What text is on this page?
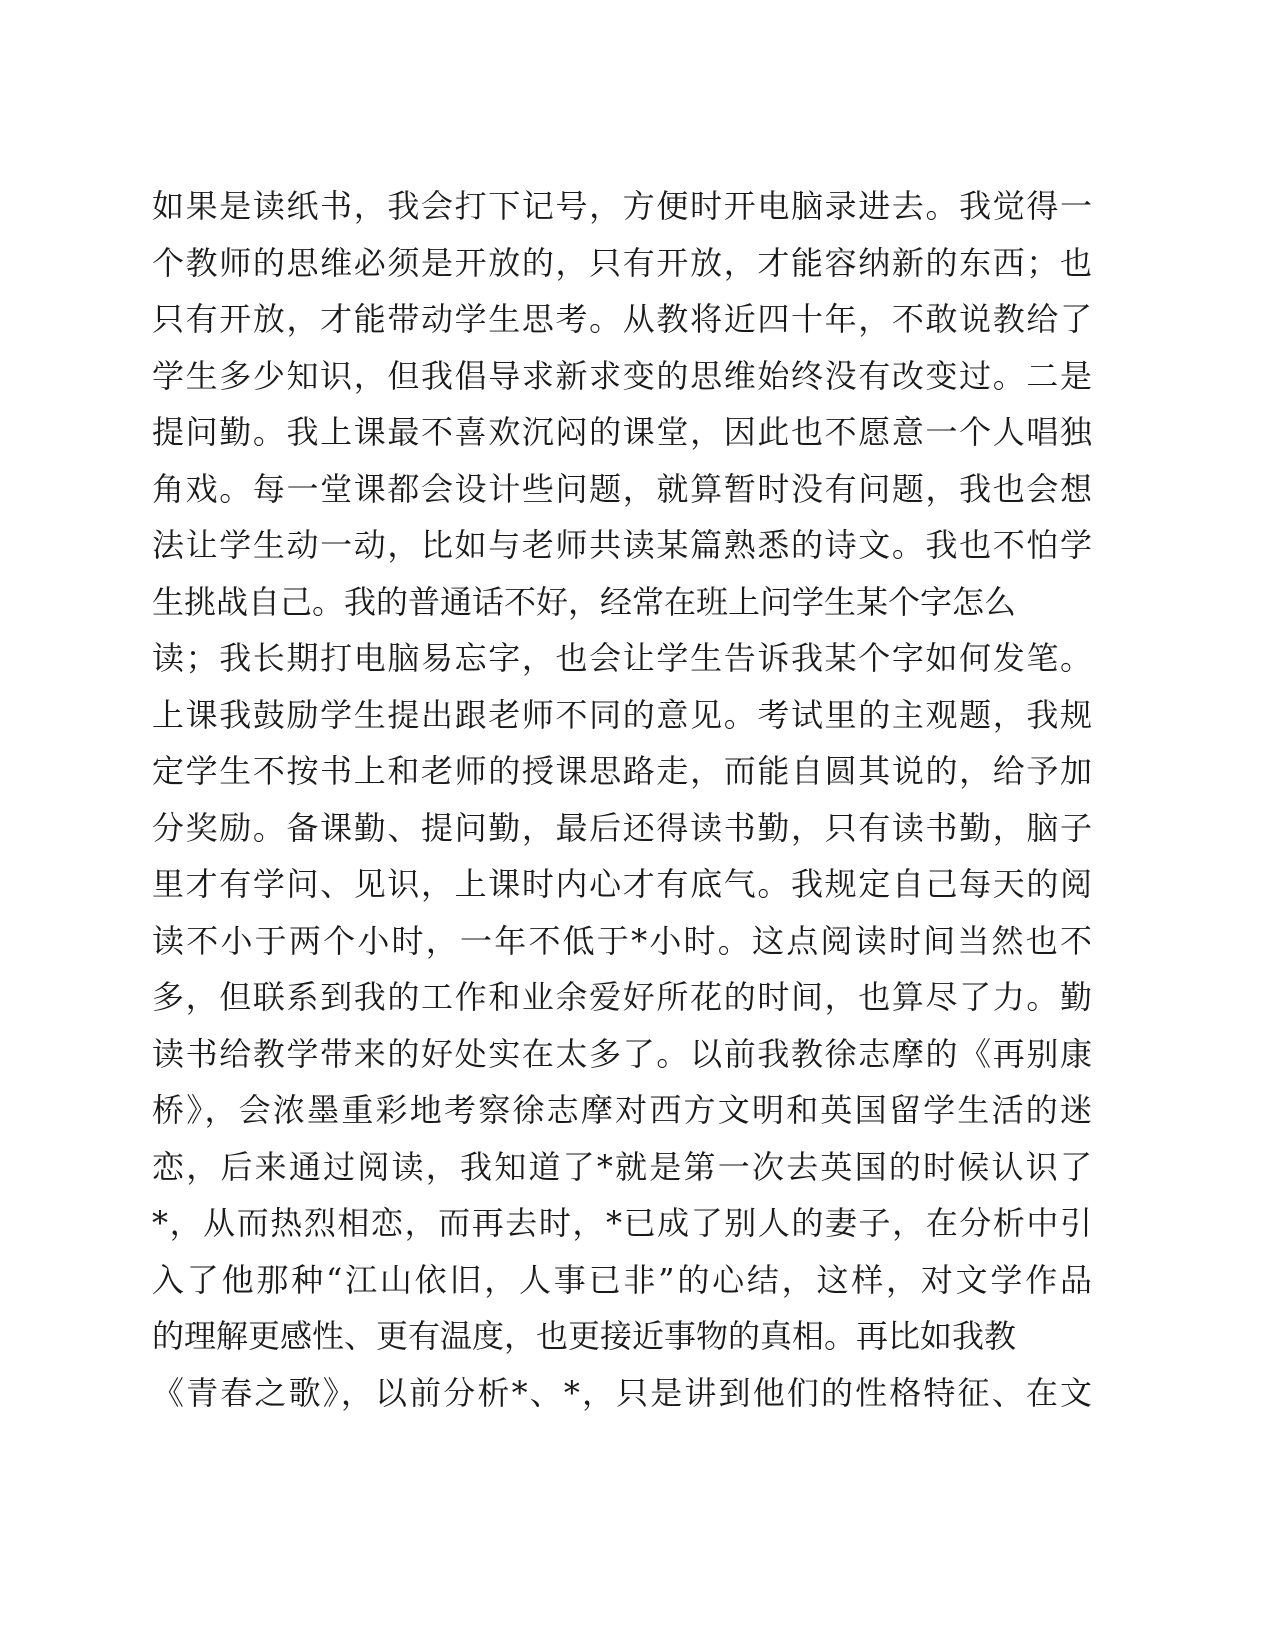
如果是读纸书，我会打下记号，方便时开电脑录进去。我觉得一
个教师的思维必须是开放的，只有开放，才能容纳新的东西；也
只有开放，才能带动学生思考。从教将近四十年，不敢说教给了
学生多少知识，但我倡导求新求变的思维始终没有改变过。二是
提问勤。我上课最不喜欢沉闷的课堂，因此也不愿意一个人唱独
角戏。每一堂课都会设计些问题，就算暂时没有问题，我也会想
法让学生动一动，比如与老师共读某篇熟悉的诗文。我也不怕学
生挑战自己。我的普通话不好，经常在班上问学生某个字怎么
读；我长期打电脑易忘字，也会让学生告诉我某个字如何发笔。
上课我鼓励学生提出跟老师不同的意见。考试里的主观题，我规
定学生不按书上和老师的授课思路走，而能自圆其说的，给予加
分奖励。备课勤、提问勤，最后还得读书勤，只有读书勤，脑子
里才有学问、见识，上课时内心才有底气。我规定自己每天的阅
读不小于两个小时，一年不低于*小时。这点阅读时间当然也不
多，但联系到我的工作和业余爱好所花的时间，也算尽了力。勤
读书给教学带来的好处实在太多了。以前我教徐志摩的《再别康
桥》，会浓墨重彩地考察徐志摩对西方文明和英国留学生活的迷
恋，后来通过阅读，我知道了*就是第一次去英国的时候认识了
*，从而热烈相恋，而再去时，*已成了别人的妻子，在分析中引
入了他那种“江山依旧，人事已非”的心结，这样，对文学作品
的理解更感性、更有温度，也更接近事物的真相。再比如我教
《青春之歌》，以前分析*、*，只是讲到他们的性格特征、在文
